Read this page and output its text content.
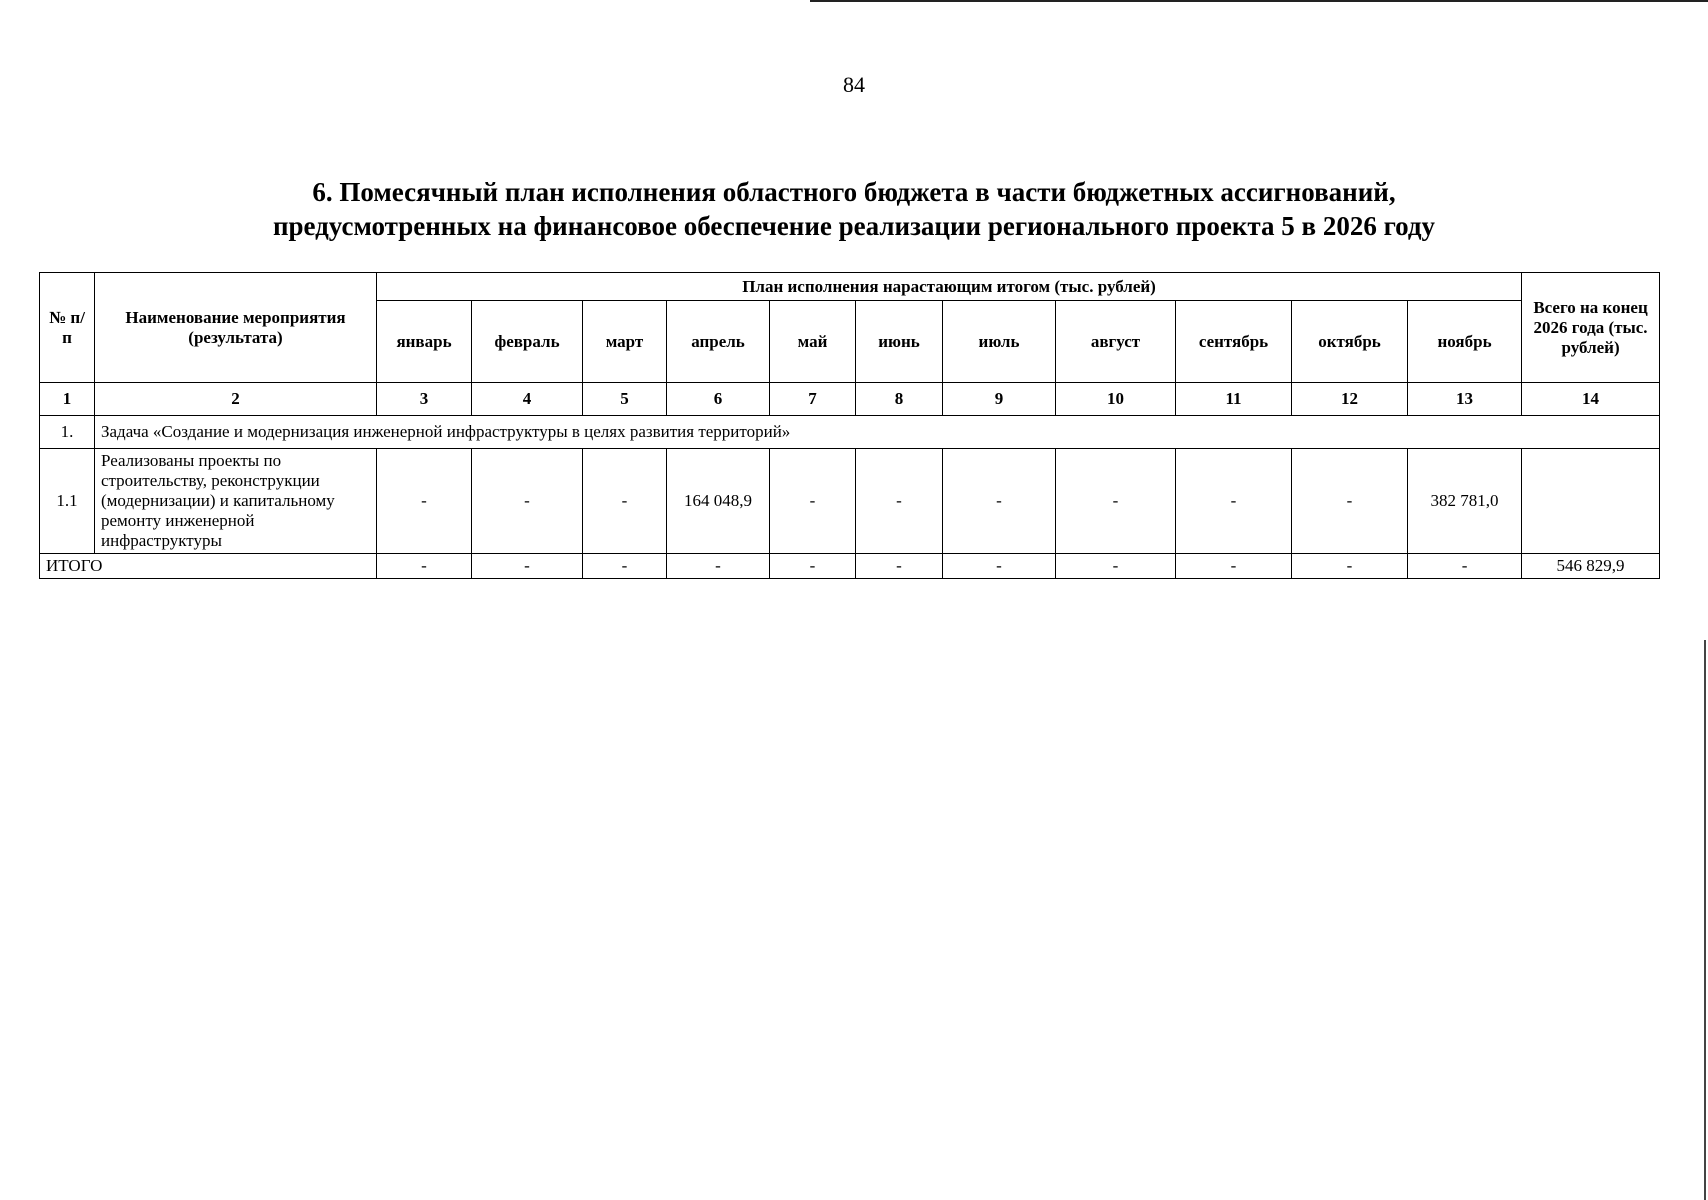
84
6. Помесячный план исполнения областного бюджета в части бюджетных ассигнований,
предусмотренных на финансовое обеспечение реализации регионального проекта 5 в 2026 году
№ п/п	Наименование мероприятия (результата)	План исполнения нарастающим итогом (тыс. рублей)											Всего на конец 2026 года (тыс. рублей)
		январь	февраль	март	апрель	май	июнь	июль	август	сентябрь	октябрь	ноябрь	
1	2	3	4	5	6	7	8	9	10	11	12	13	14
1.	Задача «Создание и модернизация инженерной инфраструктуры в целях развития территорий»												
1.1	Реализованы проекты по строительству, реконструкции (модернизации) и капитальному ремонту инженерной инфраструктуры	-	-	-	164 048,9	-	-	-	-	-	-	382 781,0	
ИТОГО		-	-	-	-	-	-	-	-	-	-	-	546 829,9
